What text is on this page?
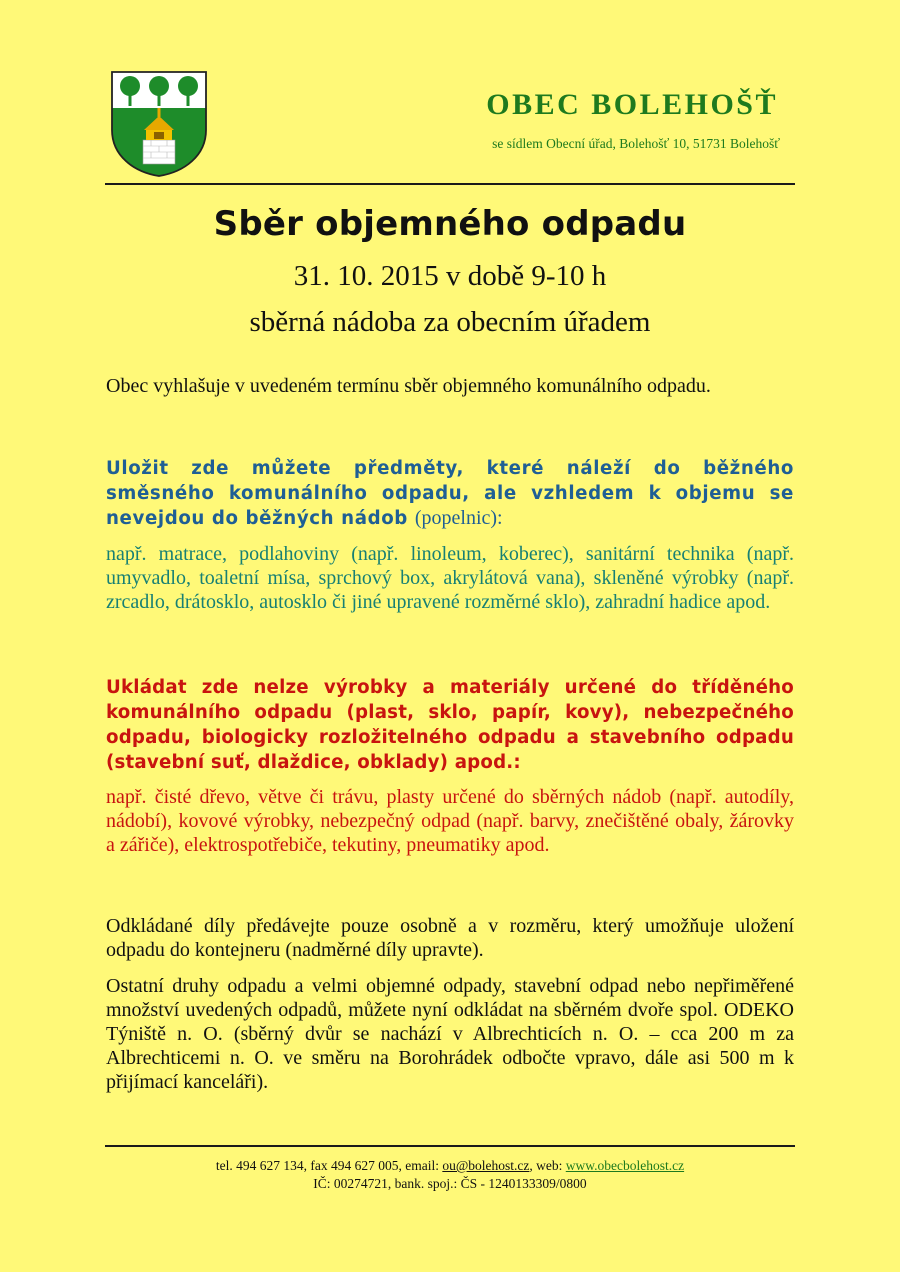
OBEC BOLEHOŠŤ
se sídlem Obecní úřad, Bolehošť 10, 51731 Bolehošť
Sběr objemného odpadu
31. 10. 2015 v době 9-10 h
sběrná nádoba za obecním úřadem
Obec vyhlašuje v uvedeném termínu sběr objemného komunálního odpadu.
Uložit zde můžete předměty, které náleží do běžného směsného komunálního odpadu, ale vzhledem k objemu se nevejdou do běžných nádob (popelnic):
např. matrace, podlahoviny (např. linoleum, koberec), sanitární technika (např. umyvadlo, toaletní mísa, sprchový box, akrylátová vana), skleněné výrobky (např. zrcadlo, drátosklo, autosklo či jiné upravené rozměrné sklo), zahradní hadice apod.
Ukládat zde nelze výrobky a materiály určené do tříděného komunálního odpadu (plast, sklo, papír, kovy), nebezpečného odpadu, biologicky rozložitelného odpadu a stavebního odpadu (stavební suť, dlaždice, obklady) apod.:
např. čisté dřevo, větve či trávu, plasty určené do sběrných nádob (např. autodíly, nádobí), kovové výrobky, nebezpečný odpad (např. barvy, znečištěné obaly, žárovky a zářiče), elektrospotřebiče, tekutiny, pneumatiky apod.
Odkládané díly předávejte pouze osobně a v rozměru, který umožňuje uložení odpadu do kontejneru (nadměrné díly upravte).
Ostatní druhy odpadu a velmi objemné odpady, stavební odpad nebo nepřiměřené množství uvedených odpadů, můžete nyní odkládat na sběrném dvoře spol. ODEKO Týniště n. O. (sběrný dvůr se nachází v Albrechticích n. O. – cca 200 m za Albrechticemi n. O. ve směru na Borohrádek odbočte vpravo, dále asi 500 m k přijímací kanceláři).
tel. 494 627 134, fax 494 627 005, email: ou@bolehost.cz, web: www.obecbolehost.cz
IČ: 00274721, bank. spoj.: ČS - 1240133309/0800
